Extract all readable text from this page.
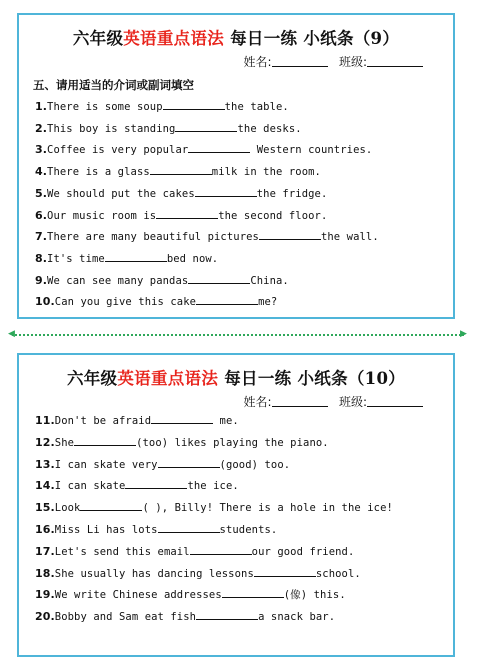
六年级英语重点语法 每日一练 小纸条（9）
姓名:	班级:
五、请用适当的介词或副词填空
1.There is some soup	the table.
2.This boy is standing	the desks.
3.Coffee is very popular	Western countries.
4.There is a glass	milk in the room.
5.We should put the cakes	the fridge.
6.Our music room is	the second floor.
7.There are many beautiful pictures	the wall.
8.It's time	bed now.
9.We can see many pandas	China.
10.Can you give this cake	me?
◀	▶
六年级英语重点语法 每日一练 小纸条（10）
姓名:	班级:
11.Don't be afraid	me.
12.She	(too) likes playing the piano.
13.I can skate very	(good) too.
14.I can skate	the ice.
15.Look	( ), Billy! There is a hole in the ice!
16.Miss Li has lots	students.
17.Let's send this email	our good friend.
18.She usually has dancing lessons	school.
19.We write Chinese addresses	(像) this.
20.Bobby and Sam eat fish	a snack bar.
